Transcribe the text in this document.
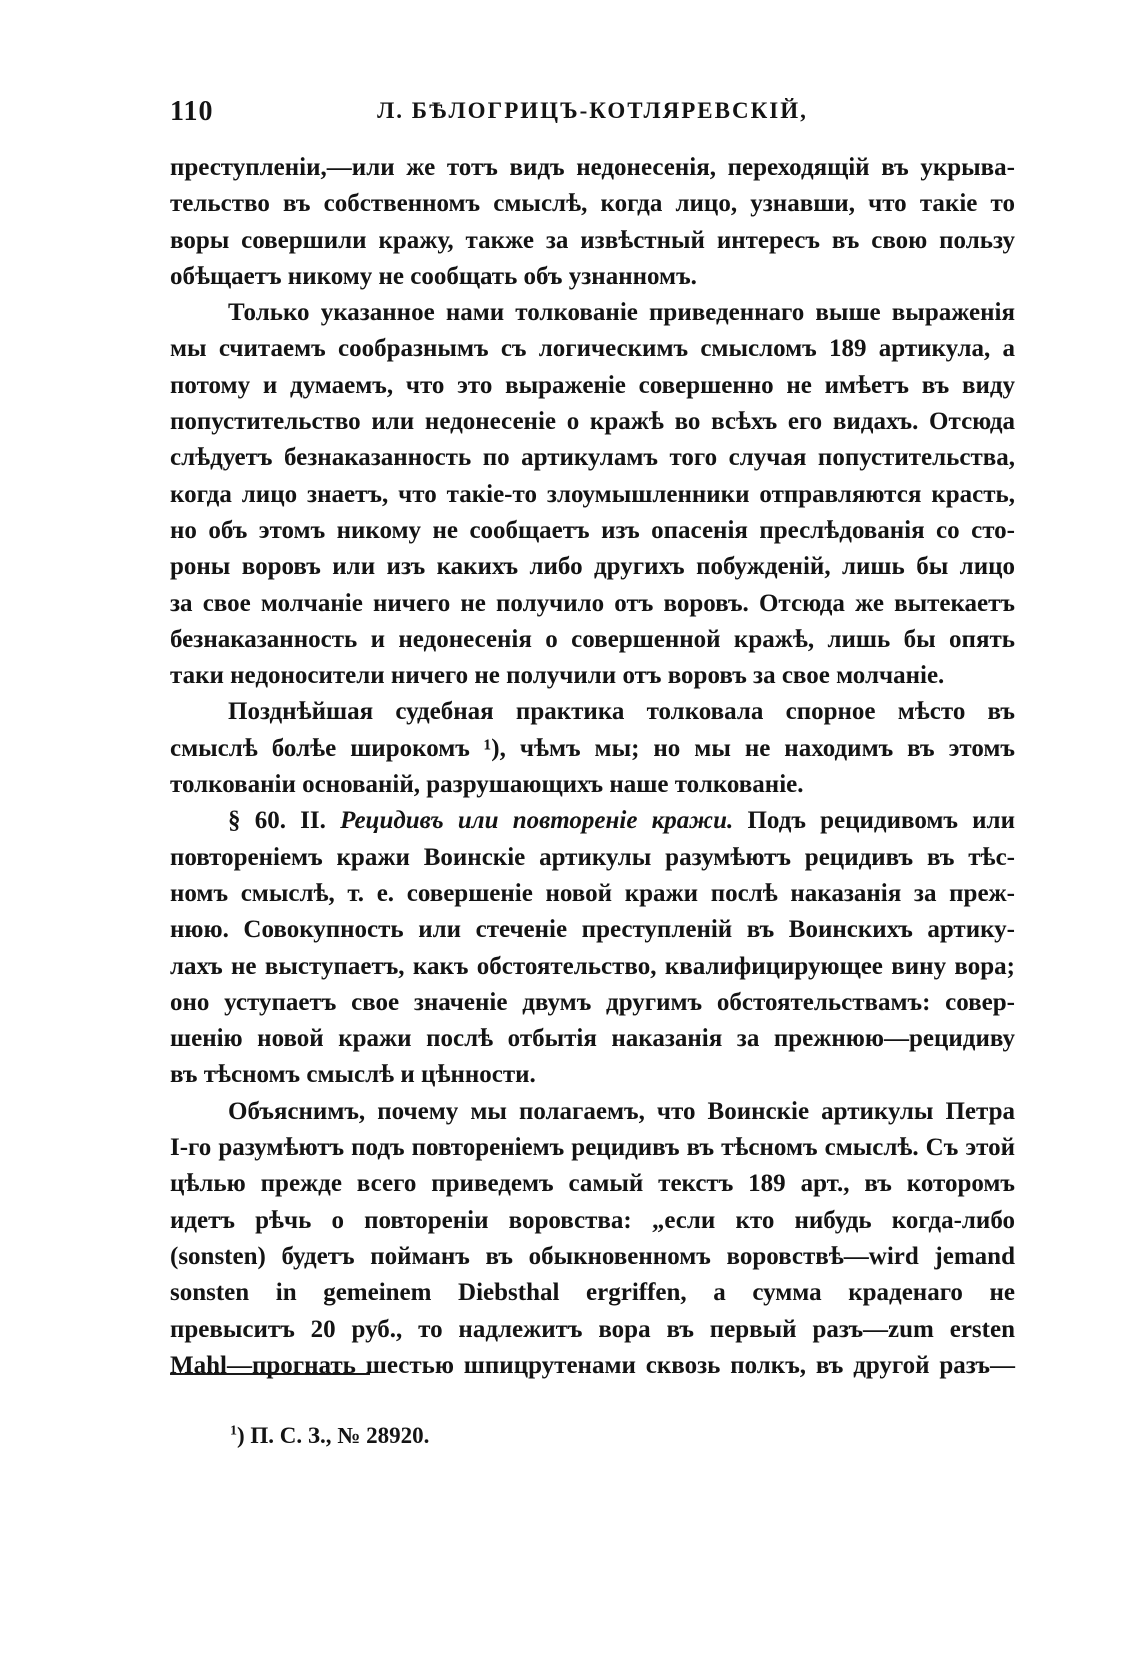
110	Л. БѢЛОГРИЦЪ-КОТЛЯРЕВСКІЙ,
преступленіи,—или же тотъ видъ недонесенія, переходящій въ укрыва-
тельство въ собственномъ смыслѣ, когда лицо, узнавши, что такіе то
воры совершили кражу, также за извѣстный интересъ въ свою пользу
обѣщаетъ никому не сообщать объ узнанномъ.
Только указанное нами толкованіе приведеннаго выше выраженія
мы считаемъ сообразнымъ съ логическимъ смысломъ 189 артикула, а
потому и думаемъ, что это выраженіе совершенно не имѣетъ въ виду
попустительство или недонесеніе о кражѣ во всѣхъ его видахъ. Отсюда
слѣдуетъ безнаказанность по артикуламъ того случая попустительства,
когда лицо знаетъ, что такіе-то злоумышленники отправляются красть,
но объ этомъ никому не сообщаетъ изъ опасенія преслѣдованія со сто-
роны воровъ или изъ какихъ либо другихъ побужденій, лишь бы лицо
за свое молчаніе ничего не получило отъ воровъ. Отсюда же вытекаетъ
безнаказанность и недонесенія о совершенной кражѣ, лишь бы опять
таки недоносители ничего не получили отъ воровъ за свое молчаніе.
Позднѣйшая судебная практика толковала спорное мѣсто въ
смыслѣ болѣе широкомъ ¹), чѣмъ мы; но мы не находимъ въ этомъ
толкованіи основаній, разрушающихъ наше толкованіе.
§ 60. II. Рецидивъ или повтореніе кражи. Подъ рецидивомъ или
повтореніемъ кражи Воинскіе артикулы разумѣютъ рецидивъ въ тѣс-
номъ смыслѣ, т. е. совершеніе новой кражи послѣ наказанія за преж-
нюю. Совокупность или стеченіе преступленій въ Воинскихъ артику-
лахъ не выступаетъ, какъ обстоятельство, квалифицирующее вину вора;
оно уступаетъ свое значеніе двумъ другимъ обстоятельствамъ: совер-
шенію новой кражи послѣ отбытія наказанія за прежнюю—рецидиву
въ тѣсномъ смыслѣ и цѣнности.
Объяснимъ, почему мы полагаемъ, что Воинскіе артикулы Петра
І-го разумѣютъ подъ повтореніемъ рецидивъ въ тѣсномъ смыслѣ. Съ этой
цѣлью прежде всего приведемъ самый текстъ 189 арт., въ которомъ
идетъ рѣчь о повтореніи воровства: „если кто нибудь когда-либо
(sonsten) будетъ пойманъ въ обыкновенномъ воровствѣ—wird jemand
sonsten in gemeinem Diebsthal ergriffen, а сумма краденаго не
превыситъ 20 руб., то надлежитъ вора въ первый разъ—zum ersten
Mahl—прогнать шестью шпицрутенами сквозь полкъ, въ другой разъ—
$^1$) П. С. З., № 28920.
